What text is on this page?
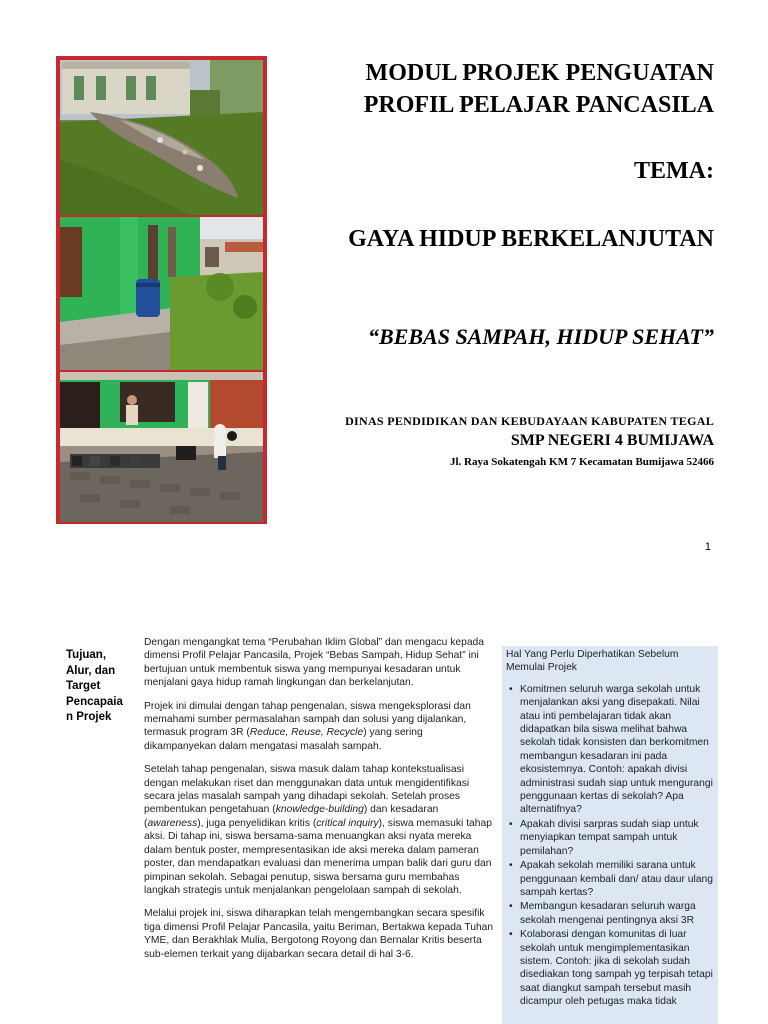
MODUL PROJEK PENGUATAN
PROFIL PELAJAR PANCASILA
TEMA:
GAYA HIDUP BERKELANJUTAN
“BEBAS SAMPAH, HIDUP SEHAT”
DINAS PENDIDIKAN DAN KEBUDAYAAN KABUPATEN TEGAL
SMP NEGERI 4 BUMIJAWA
Jl. Raya Sokatengah KM 7 Kecamatan Bumijawa 52466
1
Tujuan,
Alur, dan
Target
Pencapaia
n Projek

Dengan mengangkat tema “Perubahan Iklim Global” dan mengacu kepada dimensi Profil Pelajar Pancasila, Projek “Bebas Sampah, Hidup Sehat” ini bertujuan untuk membentuk siswa yang mempunyai kesadaran untuk menjalani gaya hidup ramah lingkungan dan berkelanjutan.

Projek ini dimulai dengan tahap pengenalan, siswa mengeksplorasi dan memahami sumber permasalahan sampah dan solusi yang dijalankan, termasuk program 3R (Reduce, Reuse, Recycle) yang sering dikampanyekan dalam mengatasi masalah sampah.

Setelah tahap pengenalan, siswa masuk dalam tahap kontekstualisasi dengan melakukan riset dan menggunakan data untuk mengidentifikasi secara jelas masalah sampah yang dihadapi sekolah. Setelah proses pembentukan pengetahuan (knowledge-building) dan kesadaran (awareness), juga penyelidikan kritis (critical inquiry), siswa memasuki tahap aksi. Di tahap ini, siswa bersama-sama menuangkan aksi nyata mereka dalam bentuk poster, mempresentasikan ide aksi mereka dalam pameran poster, dan mendapatkan evaluasi dan menerima umpan balik dari guru dan pimpinan sekolah. Sebagai penutup, siswa bersama guru membahas langkah strategis untuk menjalankan pengelolaan sampah di sekolah.

Melalui projek ini, siswa diharapkan telah mengembangkan secara spesifik tiga dimensi Profil Pelajar Pancasila, yaitu Beriman, Bertakwa kepada Tuhan YME, dan Berakhlak Mulia, Bergotong Royong dan Bernalar Kritis beserta sub-elemen terkait yang dijabarkan secara detail di hal 3-6.

Hal Yang Perlu Diperhatikan Sebelum Memulai Projek

• Komitmen seluruh warga sekolah untuk menjalankan aksi yang disepakati. Nilai atau inti pembelajaran tidak akan didapatkan bila siswa melihat bahwa sekolah tidak konsisten dan berkomitmen membangun kesadaran ini pada ekosistemnya. Contoh: apakah divisi administrasi sudah siap untuk mengurangi penggunaan kertas di sekolah? Apa alternatifnya?
• Apakah divisi sarpras sudah siap untuk menyiapkan tempat sampah untuk pemilahan?
• Apakah sekolah memiliki sarana untuk penggunaan kembali dan/ atau daur ulang sampah kertas?
• Membangun kesadaran seluruh warga sekolah mengenai pentingnya aksi 3R
• Kolaborasi dengan komunitas di luar sekolah untuk mengimplementasikan sistem. Contoh: jika di sekolah sudah disediakan tong sampah yg terpisah tetapi saat diangkut sampah tersebut masih dicampur oleh petugas maka tidak
